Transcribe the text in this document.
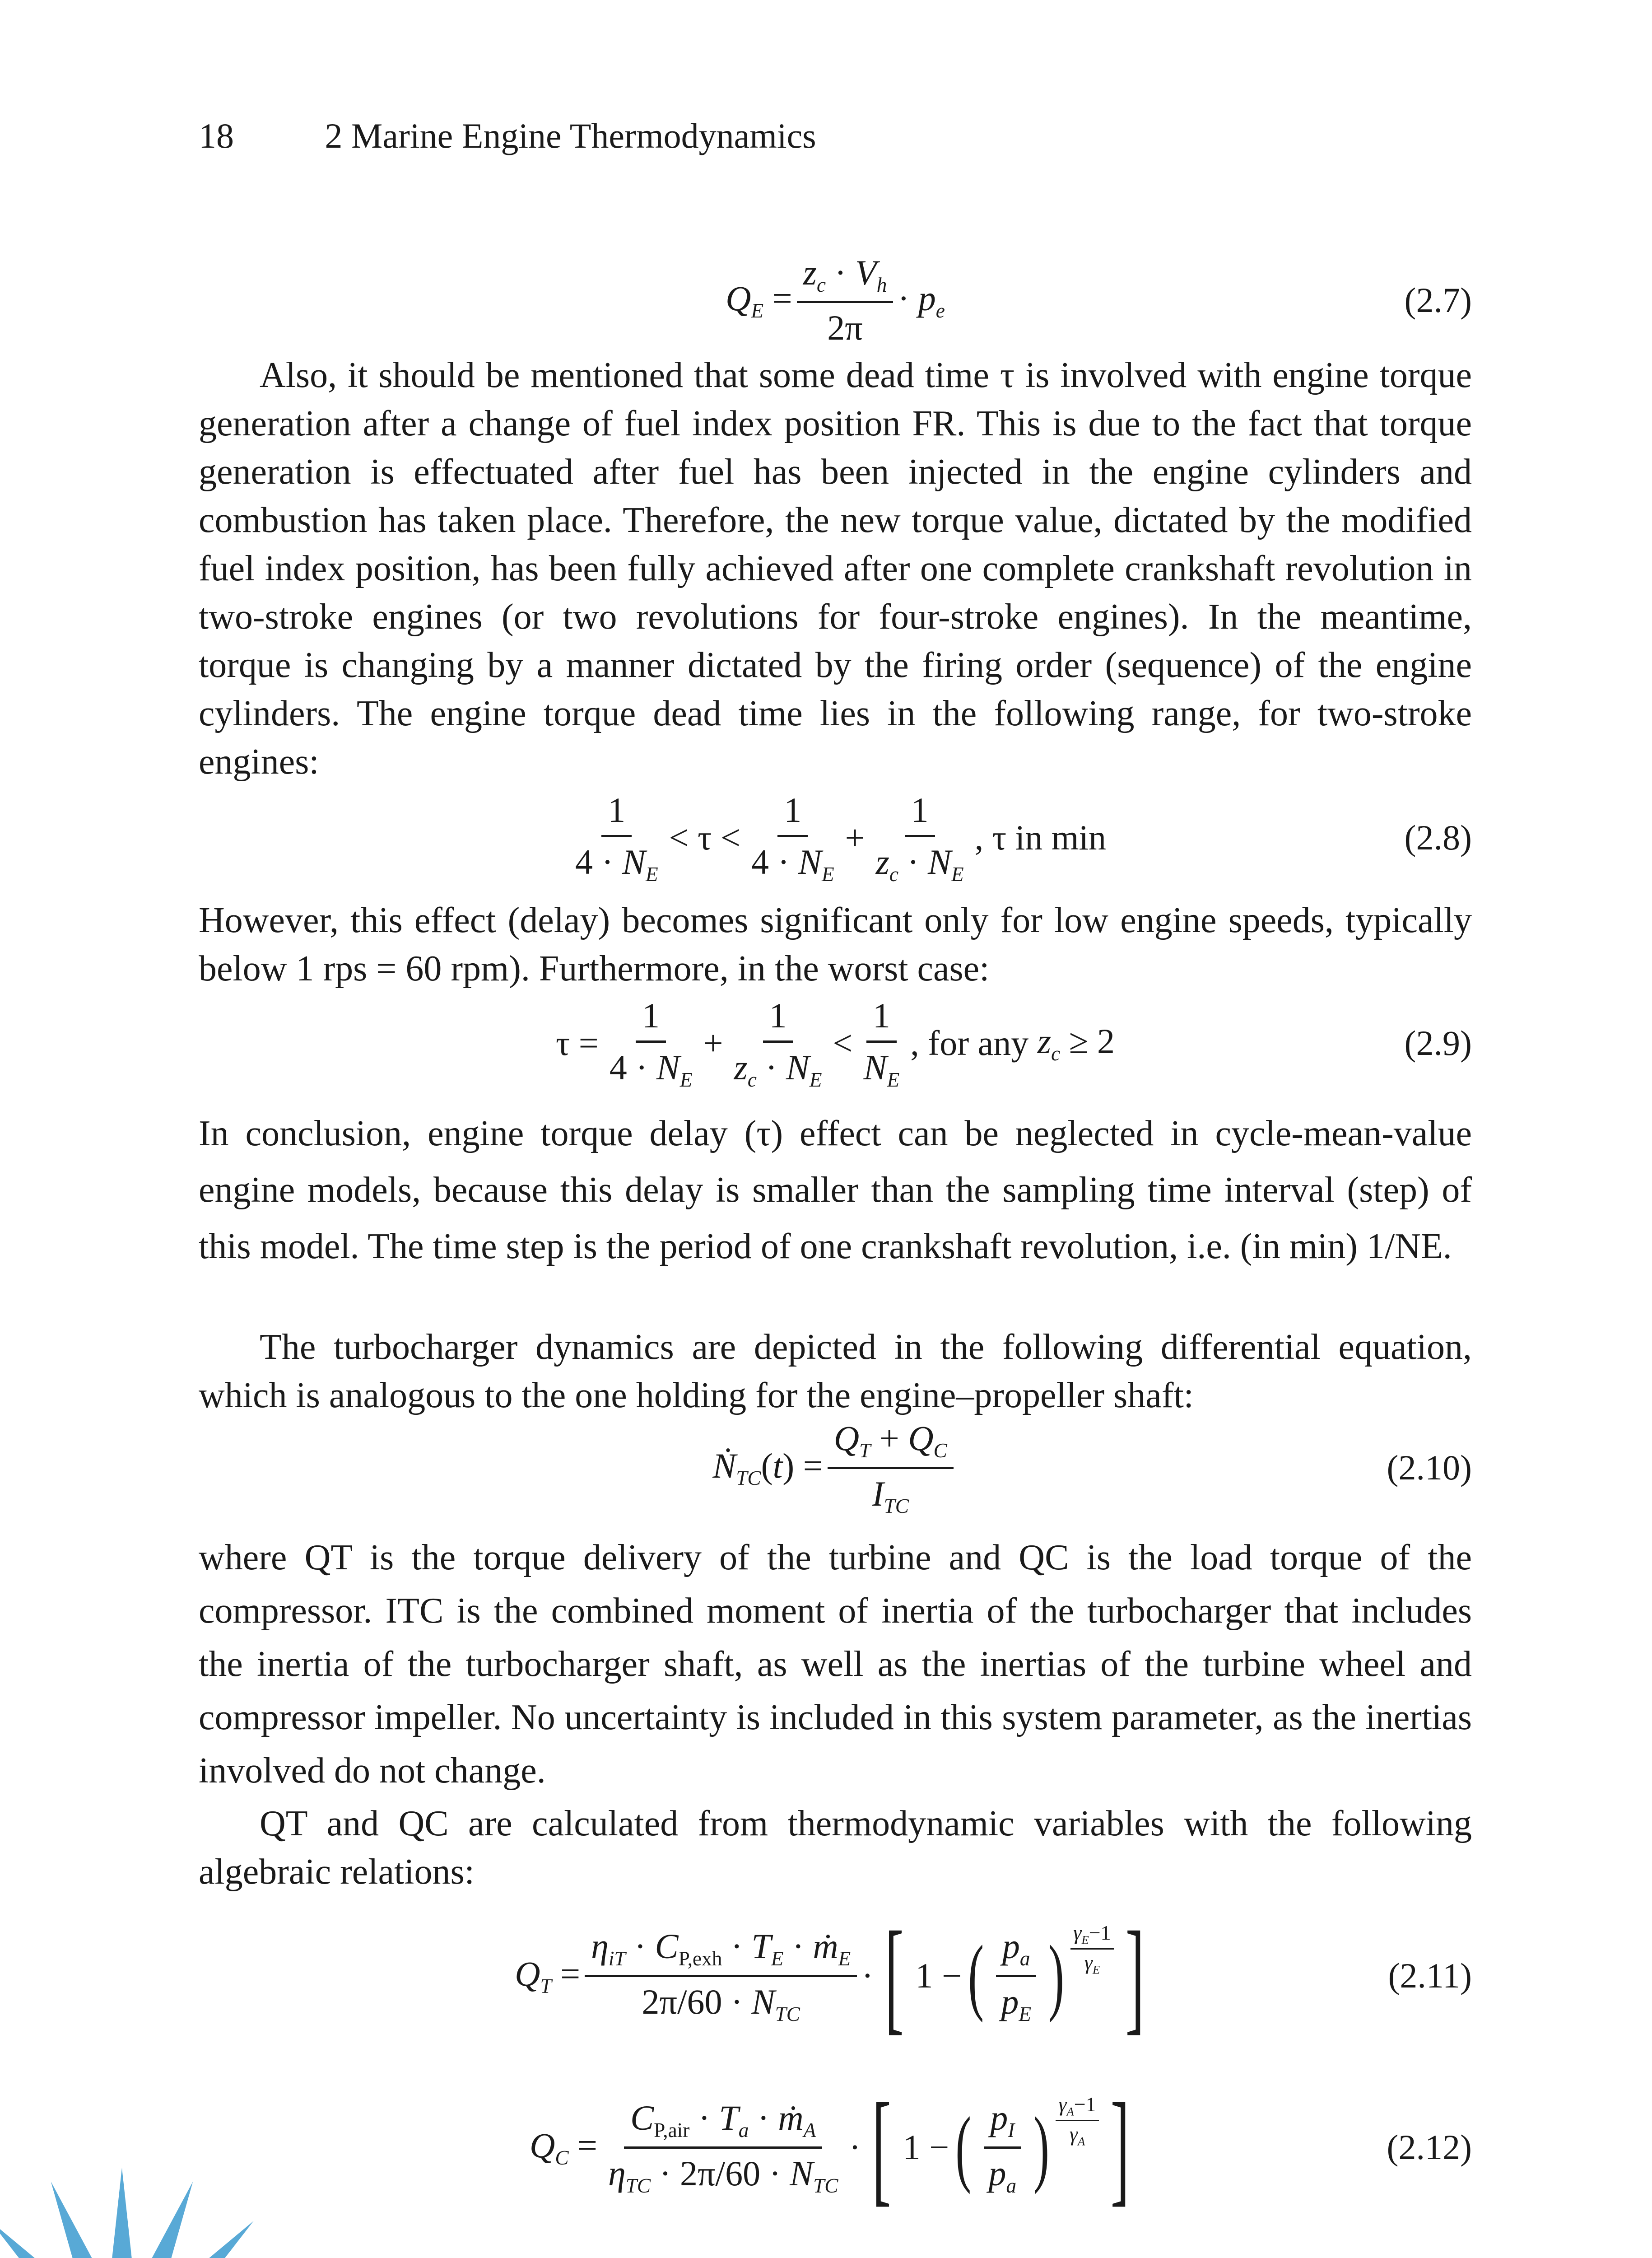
18	2 Marine Engine Thermodynamics
$Q_E = \frac{z_c \cdot V_h}{2\pi} \cdot p_e$	(2.7)

Also, it should be mentioned that some dead time τ is involved with engine torque generation after a change of fuel index position FR. This is due to the fact that torque generation is effectuated after fuel has been injected in the engine cylinders and combustion has taken place. Therefore, the new torque value, dictated by the modified fuel index position, has been fully achieved after one complete crankshaft revolution in two-stroke engines (or two revolutions for four-stroke engines). In the meantime, torque is changing by a manner dictated by the firing order (sequence) of the engine cylinders. The engine torque dead time lies in the following range, for two-stroke engines:

$\frac{1}{4 \cdot N_E} < \tau < \frac{1}{4 \cdot N_E} + \frac{1}{z_c \cdot N_E}$ , τ in min	(2.8)

However, this effect (delay) becomes significant only for low engine speeds, typically below 1 rps = 60 rpm). Furthermore, in the worst case:

$\tau = \frac{1}{4 \cdot N_E} + \frac{1}{z_c \cdot N_E} < \frac{1}{N_E}$ , for any $z_c \ge 2$	(2.9)

In conclusion, engine torque delay (τ) effect can be neglected in cycle-mean-value engine models, because this delay is smaller than the sampling time interval (step) of this model. The time step is the period of one crankshaft revolution, i.e. (in min) 1/NE.

The turbocharger dynamics are depicted in the following differential equation, which is analogous to the one holding for the engine–propeller shaft:

Ṅ$_{TC}$(t) = $\frac{Q_T + Q_C}{I_{TC}}$	(2.10)

where QT is the torque delivery of the turbine and QC is the load torque of the compressor. ITC is the combined moment of inertia of the turbocharger that includes the inertia of the turbocharger shaft, as well as the inertias of the turbine wheel and compressor impeller. No uncertainty is included in this system parameter, as the inertias involved do not change.

QT and QC are calculated from thermodynamic variables with the following algebraic relations:

$Q_T = \frac{\eta_{iT} \cdot C_{P,exh} \cdot T_E \cdot ṁ_E}{2\pi/60 \cdot N_{TC}}$ · [ 1 − ( $\frac{p_a}{p_E}$ ) $\gamma_E-1$
$\gamma_E$ ]	(2.11)
$Q_C = \frac{C_{P,air} \cdot T_a \cdot ṁ_A}{\eta_{TC} \cdot 2\pi/60 \cdot N_{TC}}$ · [ 1 − ( $\frac{p_I}{p_a}$ ) $\gamma_A-1$
$\gamma_A$ ]	(2.12)
